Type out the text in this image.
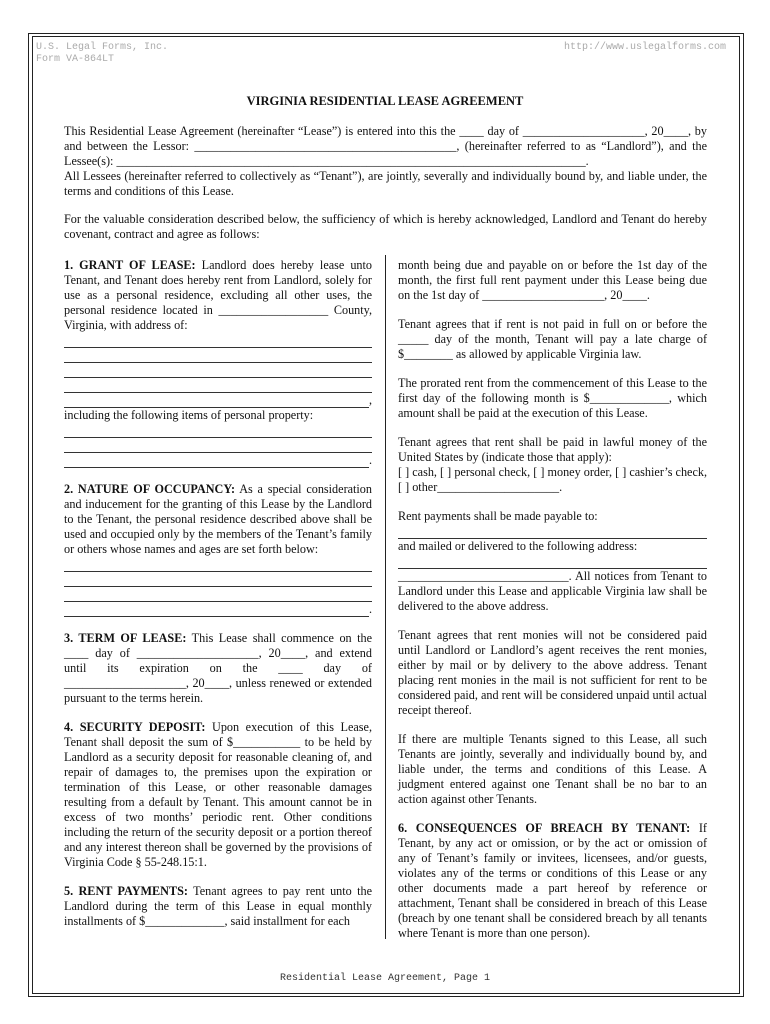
U.S. Legal Forms, Inc.
Form VA-864LT
http://www.uslegalforms.com
VIRGINIA RESIDENTIAL LEASE AGREEMENT

This Residential Lease Agreement (hereinafter “Lease”) is entered into this the ____ day of ____________________, 20____, by and between the Lessor: ___________________________________________, (hereinafter referred to as “Landlord”), and the Lessee(s): _____________________________________________________________________________.

All Lessees (hereinafter referred to collectively as “Tenant”), are jointly, severally and individually bound by, and liable under, the terms and conditions of this Lease.

For the valuable consideration described below, the sufficiency of which is hereby acknowledged, Landlord and Tenant do hereby covenant, contract and agree as follows:

1. GRANT OF LEASE: Landlord does hereby lease unto Tenant, and Tenant does hereby rent from Landlord, solely for use as a personal residence, excluding all other uses, the personal residence located in __________________ County, Virginia, with address of:

,

including the following items of personal property:

.

2. NATURE OF OCCUPANCY: As a special consideration and inducement for the granting of this Lease by the Landlord to the Tenant, the personal residence described above shall be used and occupied only by the members of the Tenant’s family or others whose names and ages are set forth below:

.

3. TERM OF LEASE: This Lease shall commence on the ____ day of ____________________, 20____, and extend until its expiration on the ____ day of ____________________, 20____, unless renewed or extended pursuant to the terms herein.

4. SECURITY DEPOSIT: Upon execution of this Lease, Tenant shall deposit the sum of $___________ to be held by Landlord as a security deposit for reasonable cleaning of, and repair of damages to, the premises upon the expiration or termination of this Lease, or other reasonable damages resulting from a default by Tenant. This amount cannot be in excess of two months’ periodic rent. Other conditions including the return of the security deposit or a portion thereof and any interest thereon shall be governed by the provisions of Virginia Code § 55-248.15:1.

5. RENT PAYMENTS: Tenant agrees to pay rent unto the Landlord during the term of this Lease in equal monthly installments of $_____________, said installment for each

month being due and payable on or before the 1st day of the month, the first full rent payment under this Lease being due on the 1st day of ____________________, 20____.

Tenant agrees that if rent is not paid in full on or before the _____ day of the month, Tenant will pay a late charge of $________ as allowed by applicable Virginia law.

The prorated rent from the commencement of this Lease to the first day of the following month is $_____________, which amount shall be paid at the execution of this Lease.

Tenant agrees that rent shall be paid in lawful money of the United States by (indicate those that apply):

[ ] cash, [ ] personal check, [ ] money order, [ ] cashier’s check, [ ] other____________________.

Rent payments shall be made payable to:

and mailed or delivered to the following address:

____________________________. All notices from Tenant to Landlord under this Lease and applicable Virginia law shall be delivered to the above address.

Tenant agrees that rent monies will not be considered paid until Landlord or Landlord’s agent receives the rent monies, either by mail or by delivery to the above address. Tenant placing rent monies in the mail is not sufficient for rent to be considered paid, and rent will be considered unpaid until actual receipt thereof.

If there are multiple Tenants signed to this Lease, all such Tenants are jointly, severally and individually bound by, and liable under, the terms and conditions of this Lease. A judgment entered against one Tenant shall be no bar to an action against other Tenants.

6. CONSEQUENCES OF BREACH BY TENANT: If Tenant, by any act or omission, or by the act or omission of any of Tenant’s family or invitees, licensees, and/or guests, violates any of the terms or conditions of this Lease or any other documents made a part hereof by reference or attachment, Tenant shall be considered in breach of this Lease (breach by one tenant shall be considered breach by all tenants where Tenant is more than one person).

Residential Lease Agreement, Page 1
